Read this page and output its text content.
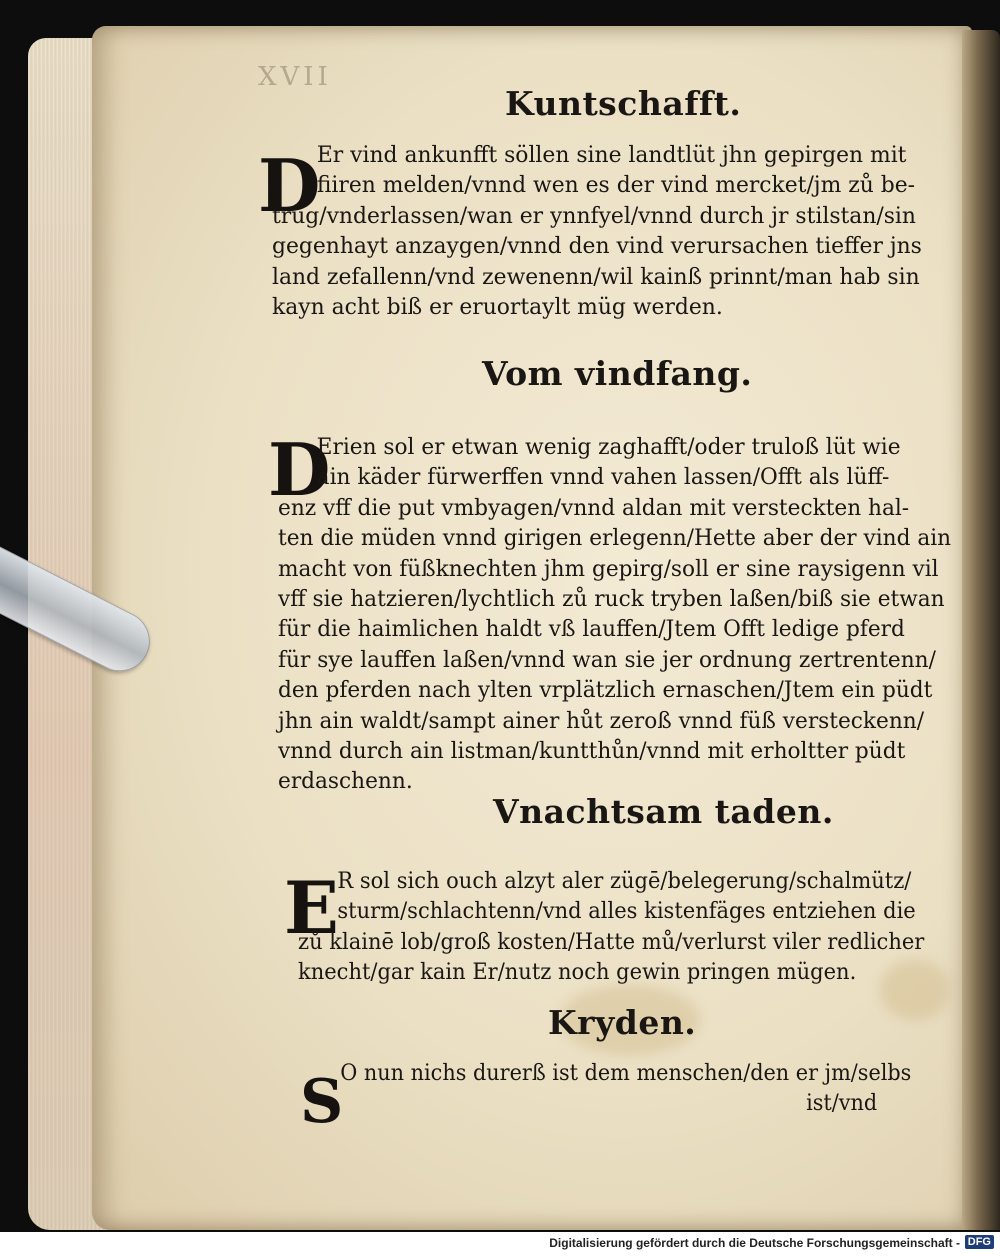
XVII
Kuntschafft.
D
Er vind ankunfft söllen sine landtlüt jhn gepirgen mit
fiiren melden/vnnd wen es der vind mercket/jm zů be-
trug/vnderlassen/wan er ynnfyel/vnnd durch jr stilstan/sin
gegenhayt anzaygen/vnnd den vind verursachen tieffer jns
land zefallenn/vnd zewenenn/wil kainß prinnt/man hab sin
kayn acht biß er eruortaylt müg werden.
Vom vindfang.
D
Erien sol er etwan wenig zaghafft/oder truloß lüt wie
ain käder fürwerffen vnnd vahen lassen/Offt als lüff-
enz vff die put vmbyagen/vnnd aldan mit versteckten hal-
ten die müden vnnd girigen erlegenn/Hette aber der vind ain
macht von füßknechten jhm gepirg/soll er sine raysigenn vil
vff sie hatzieren/lychtlich zů ruck tryben laßen/biß sie etwan
für die haimlichen haldt vß lauffen/Jtem Offt ledige pferd
für sye lauffen laßen/vnnd wan sie jer ordnung zertrentenn/
den pferden nach ylten vrplätzlich ernaschen/Jtem ein püdt
jhn ain waldt/sampt ainer hůt zeroß vnnd füß versteckenn/
vnnd durch ain listman/kuntthůn/vnnd mit erholtter püdt
erdaschenn.
Vnachtsam taden.
E
R sol sich ouch alzyt aler zügē/belegerung/schalmütz/
sturm/schlachtenn/vnd alles kistenfäges entziehen die
zů klainē lob/groß kosten/Hatte mů/verlurst viler redlicher
knecht/gar kain Er/nutz noch gewin pringen mügen.
Kryden.
S
O nun nichs durerß ist dem menschen/den er jm/selbs
ist/vnd
Digitalisierung gefördert durch die Deutsche Forschungsgemeinschaft - DFG
